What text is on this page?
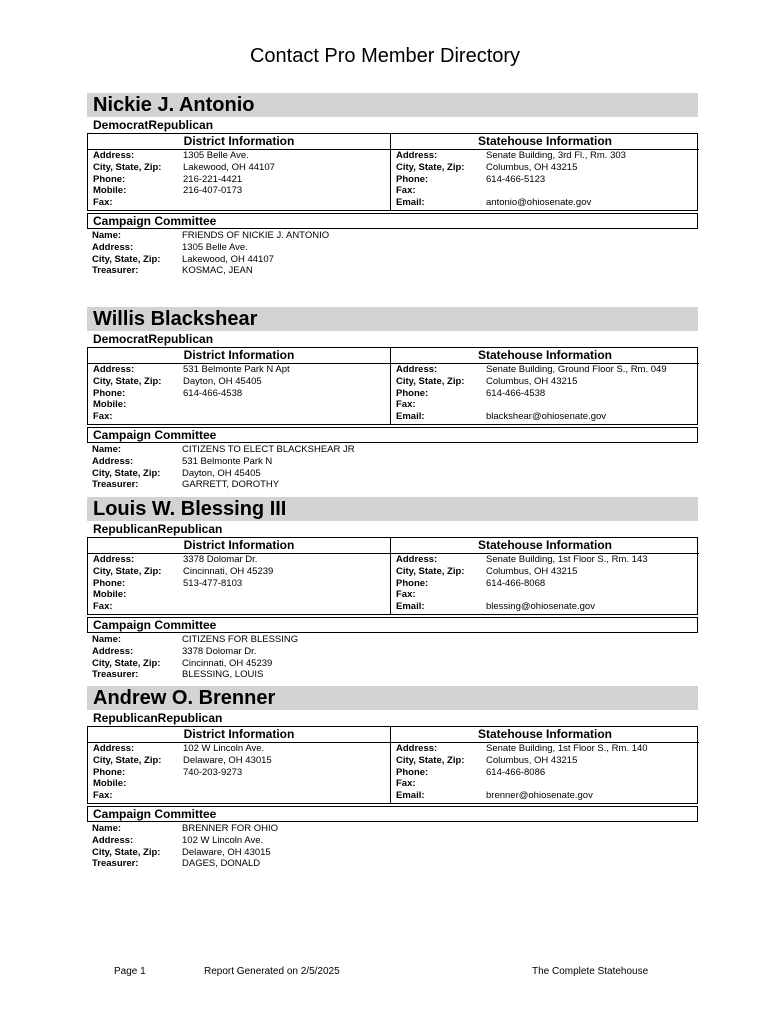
Contact Pro Member Directory
Nickie J. Antonio
DemocratRepublican
District Information
Address:	1305 Belle Ave.
City, State, Zip: Lakewood, OH 44107
Phone:	216-221-4421
Mobile:	216-407-0173
Fax:
Statehouse Information
Address:	Senate Building, 3rd Fl., Rm. 303
City, State, Zip: Columbus, OH 43215
Phone:	614-466-5123
Fax:
Email:	antonio@ohiosenate.gov
Campaign Committee
Name:	FRIENDS OF NICKIE J. ANTONIO
Address:	1305 Belle Ave.
City, State, Zip: Lakewood, OH 44107
Treasurer:	KOSMAC, JEAN
Willis Blackshear
DemocratRepublican
District Information
Address:	531 Belmonte Park N Apt
City, State, Zip: Dayton, OH 45405
Phone:	614-466-4538
Mobile:
Fax:
Statehouse Information
Address:	Senate Building, Ground Floor S., Rm. 049
City, State, Zip: Columbus, OH 43215
Phone:	614-466-4538
Fax:
Email:	blackshear@ohiosenate.gov
Campaign Committee
Name:	CITIZENS TO ELECT BLACKSHEAR JR
Address:	531 Belmonte Park N
City, State, Zip: Dayton, OH 45405
Treasurer:	GARRETT, DOROTHY
Louis W. Blessing III
RepublicanRepublican
District Information
Address:	3378 Dolomar Dr.
City, State, Zip: Cincinnati, OH 45239
Phone:	513-477-8103
Mobile:
Fax:
Statehouse Information
Address:	Senate Building, 1st Floor S., Rm. 143
City, State, Zip: Columbus, OH 43215
Phone:	614-466-8068
Fax:
Email:	blessing@ohiosenate.gov
Campaign Committee
Name:	CITIZENS FOR BLESSING
Address:	3378 Dolomar Dr.
City, State, Zip: Cincinnati, OH 45239
Treasurer:	BLESSING, LOUIS
Andrew O. Brenner
RepublicanRepublican
District Information
Address:	102 W Lincoln Ave.
City, State, Zip: Delaware, OH 43015
Phone:	740-203-9273
Mobile:
Fax:
Statehouse Information
Address:	Senate Building, 1st Floor S., Rm. 140
City, State, Zip: Columbus, OH 43215
Phone:	614-466-8086
Fax:
Email:	brenner@ohiosenate.gov
Campaign Committee
Name:	BRENNER FOR OHIO
Address:	102 W Lincoln Ave.
City, State, Zip: Delaware, OH 43015
Treasurer:	DAGES, DONALD
Page 1	Report Generated on 2/5/2025	The Complete Statehouse
